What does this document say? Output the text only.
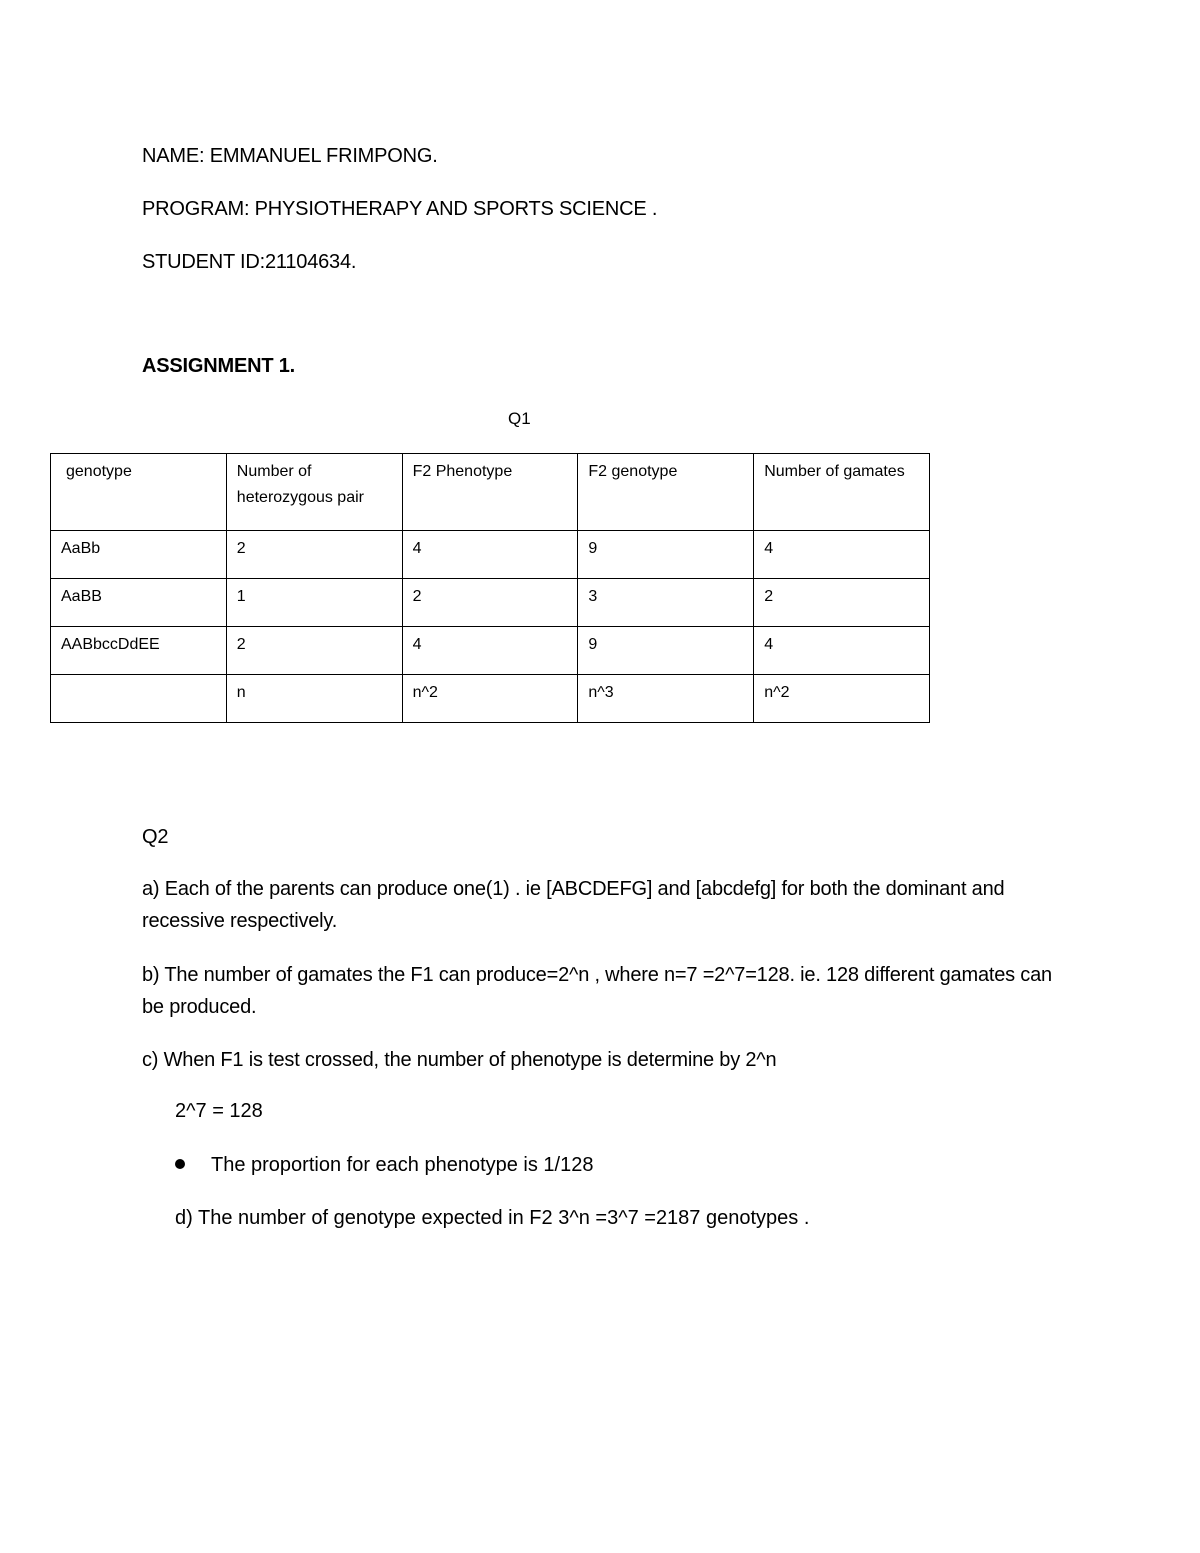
NAME: EMMANUEL FRIMPONG.
PROGRAM: PHYSIOTHERAPY AND SPORTS SCIENCE .
STUDENT ID:21104634.
ASSIGNMENT 1.
Q1
genotype	Number of heterozygous pair	F2 Phenotype	F2 genotype	Number of gamates
AaBb	2	4	9	4
AaBB	1	2	3	2
AABbccDdEE	2	4	9	4
	n	n^2	n^3	n^2
Q2
a) Each of the parents can produce one(1) . ie [ABCDEFG] and [abcdefg] for both the dominant and recessive respectively.
b) The number of gamates the F1 can produce=2^n , where n=7 =2^7=128. ie. 128 different gamates can be produced.
c) When F1 is test crossed, the number of phenotype is determine by 2^n
2^7 = 128
The proportion for each phenotype is 1/128
d) The number of genotype expected in F2 3^n =3^7 =2187 genotypes .
